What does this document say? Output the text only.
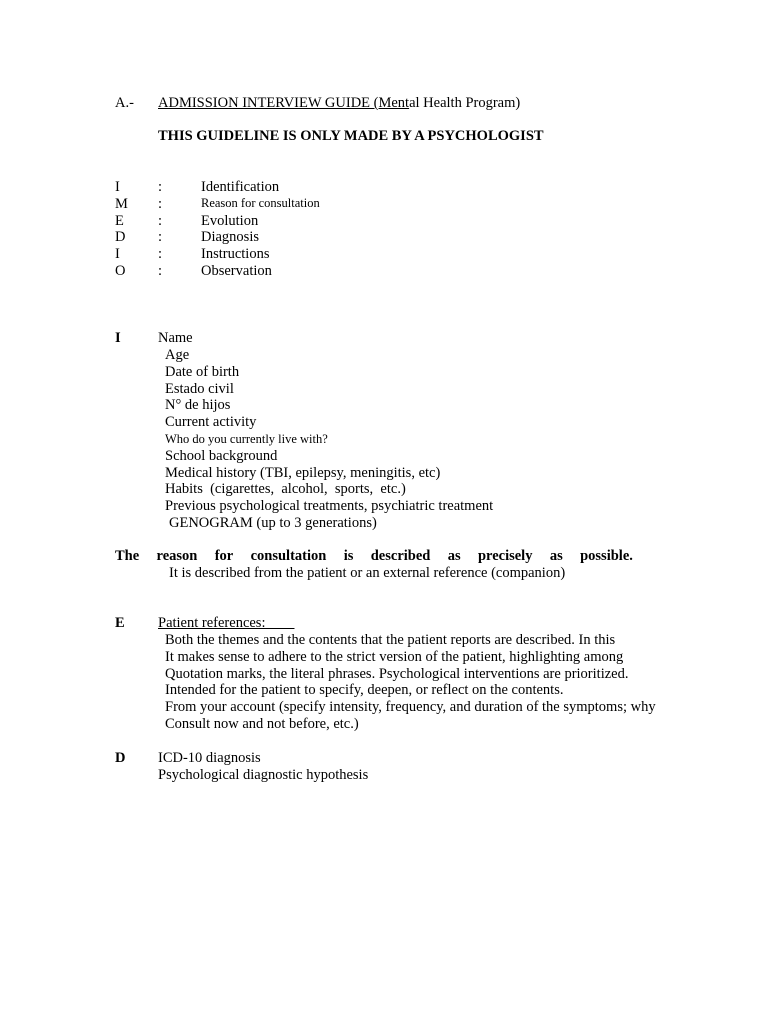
A.- ADMISSION INTERVIEW GUIDE (Mental Health Program)
THIS GUIDELINE IS ONLY MADE BY A PSYCHOLOGIST
I	:	Identification
M :	Reason for consultation
E :	Evolution
D :	Diagnosis
I	:	Instructions
O :	Observation
I	Name
Age
Date of birth
Estado civil
N° de hijos
Current activity
Who do you currently live with?
School background
Medical history (TBI, epilepsy, meningitis, etc)
Habits  (cigarettes,  alcohol,  sports,  etc.)
Previous psychological treatments, psychiatric treatment
GENOGRAM (up to 3 generations)
The reason for consultation is described as precisely as possible.
It is described from the patient or an external reference (companion)
E Patient references:
Both the themes and the contents that the patient reports are described. In this
It makes sense to adhere to the strict version of the patient, highlighting among
Quotation marks, the literal phrases. Psychological interventions are prioritized.
Intended for the patient to specify, deepen, or reflect on the contents.
From your account (specify intensity, frequency, and duration of the symptoms; why
Consult now and not before, etc.)
D ICD-10 diagnosis
Psychological diagnostic hypothesis
